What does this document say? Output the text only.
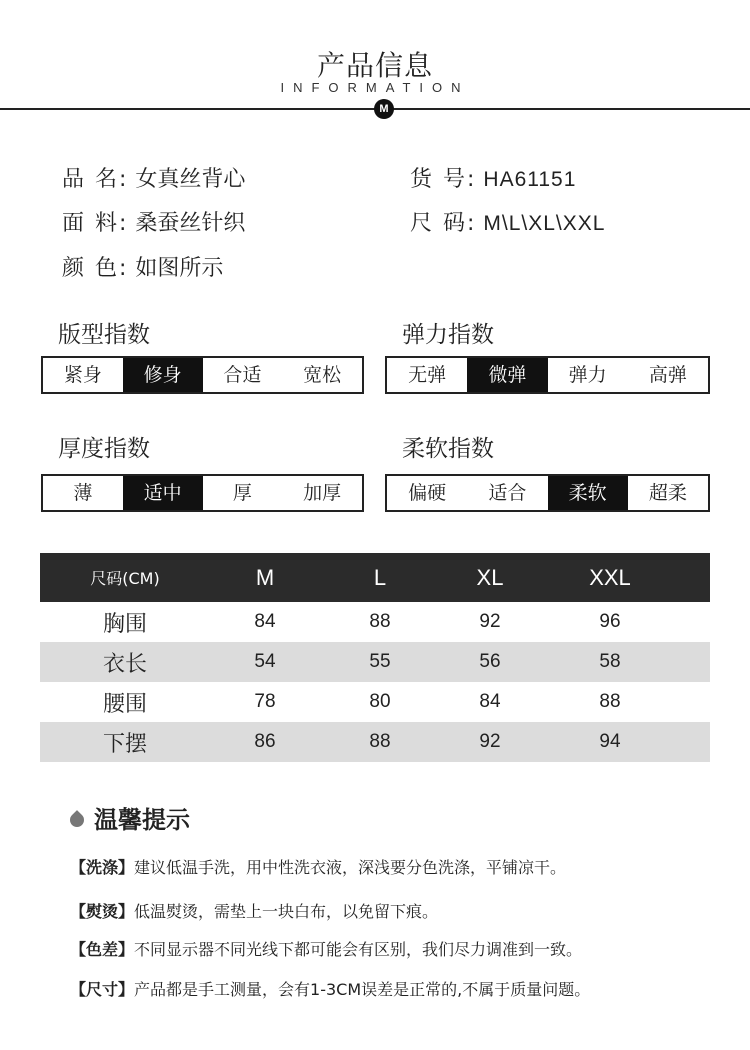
产品信息
INFORMATION
M
品 名: 女真丝背心	货 号: HA61151
面 料: 桑蚕丝针织	尺 码: M\L\XL\XXL
颜 色: 如图所示
版型指数
紧身	修身	合适	宽松
弹力指数
无弹	微弹	弹力	高弹
厚度指数
薄	适中	厚	加厚
柔软指数
偏硬	适合	柔软	超柔
尺码(CM)	M	L	XL	XXL
胸围	84	88	92	96
衣长	54	55	56	58
腰围	78	80	84	88
下摆	86	88	92	94
温馨提示
【洗涤】建议低温手洗，用中性洗衣液，深浅要分色洗涤，平铺凉干。
【熨烫】低温熨烫，需垫上一块白布，以免留下痕。
【色差】不同显示器不同光线下都可能会有区别，我们尽力调准到一致。
【尺寸】产品都是手工测量，会有1-3CM误差是正常的,不属于质量问题。
